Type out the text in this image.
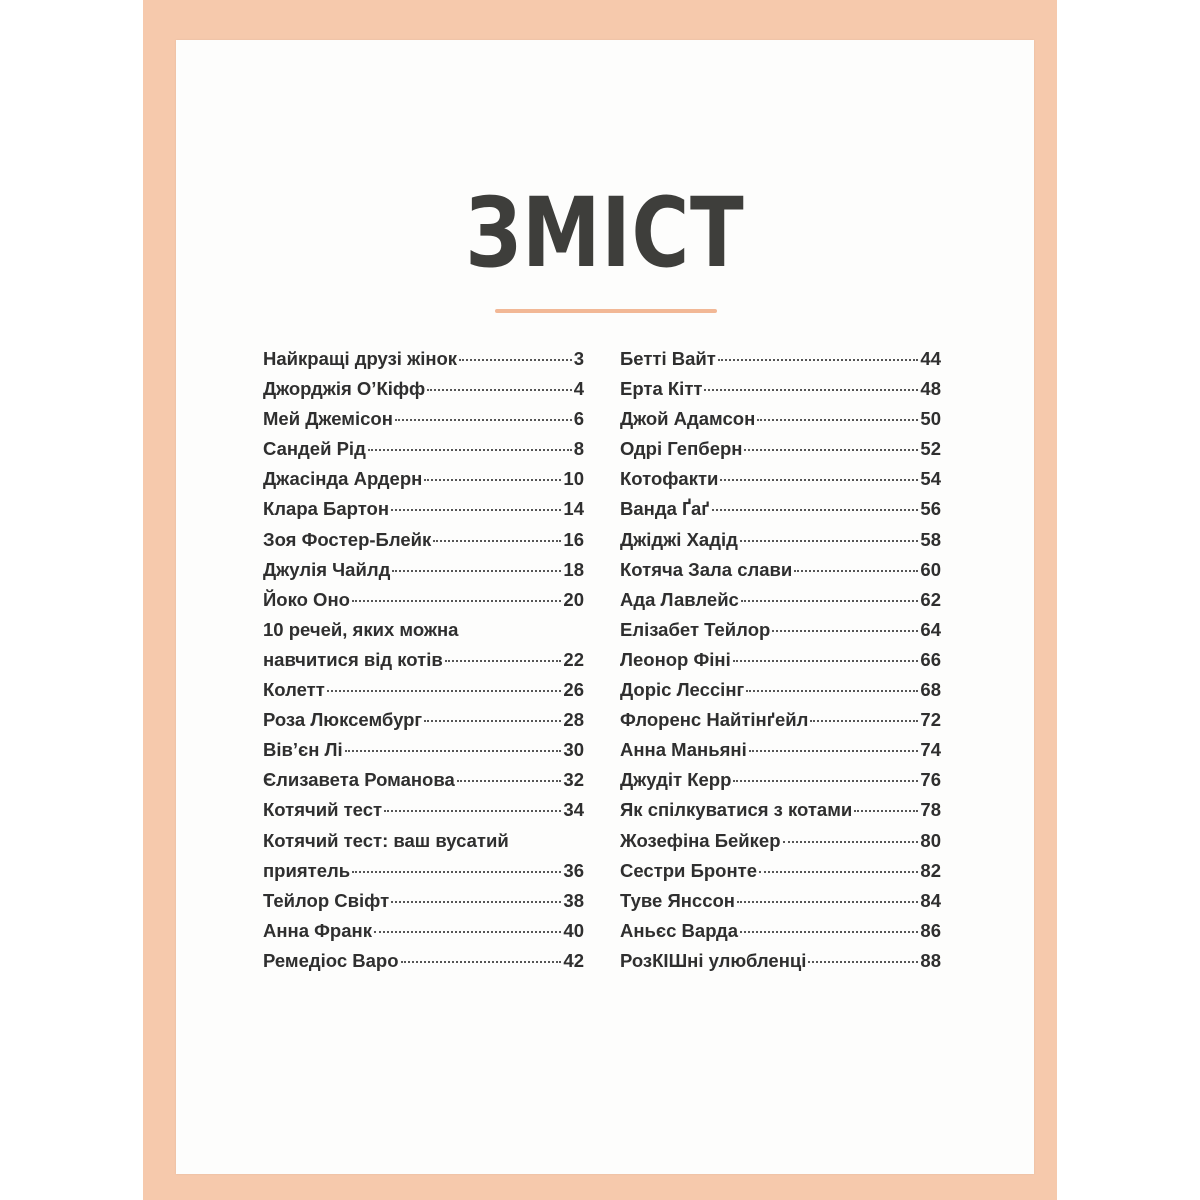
ЗМІСТ
Найкращі друзі жінок	3
Джорджія О’Кіфф	4
Мей Джемісон	6
Сандей Рід	8
Джасінда Ардерн	10
Клара Бартон	14
Зоя Фостер-Блейк	16
Джулія Чайлд	18
Йоко Оно	20
10 речей, яких можна
навчитися від котів	22
Колетт	26
Роза Люксембург	28
Вів’єн Лі	30
Єлизавета Романова	32
Котячий тест	34
Котячий тест: ваш вусатий
приятель	36
Тейлор Свіфт	38
Анна Франк	40
Ремедіос Варо	42
Бетті Вайт	44
Ерта Кітт	48
Джой Адамсон	50
Одрі Гепберн	52
Котофакти	54
Ванда Ґаґ	56
Джіджі Хадід	58
Котяча Зала слави	60
Ада Лавлейс	62
Елізабет Тейлор	64
Леонор Фіні	66
Доріс Лессінг	68
Флоренс Найтінґейл	72
Анна Маньяні	74
Джудіт Керр	76
Як спілкуватися з котами	78
Жозефіна Бейкер	80
Сестри Бронте	82
Туве Янссон	84
Аньєс Варда	86
РозКІШні улюбленці	88
